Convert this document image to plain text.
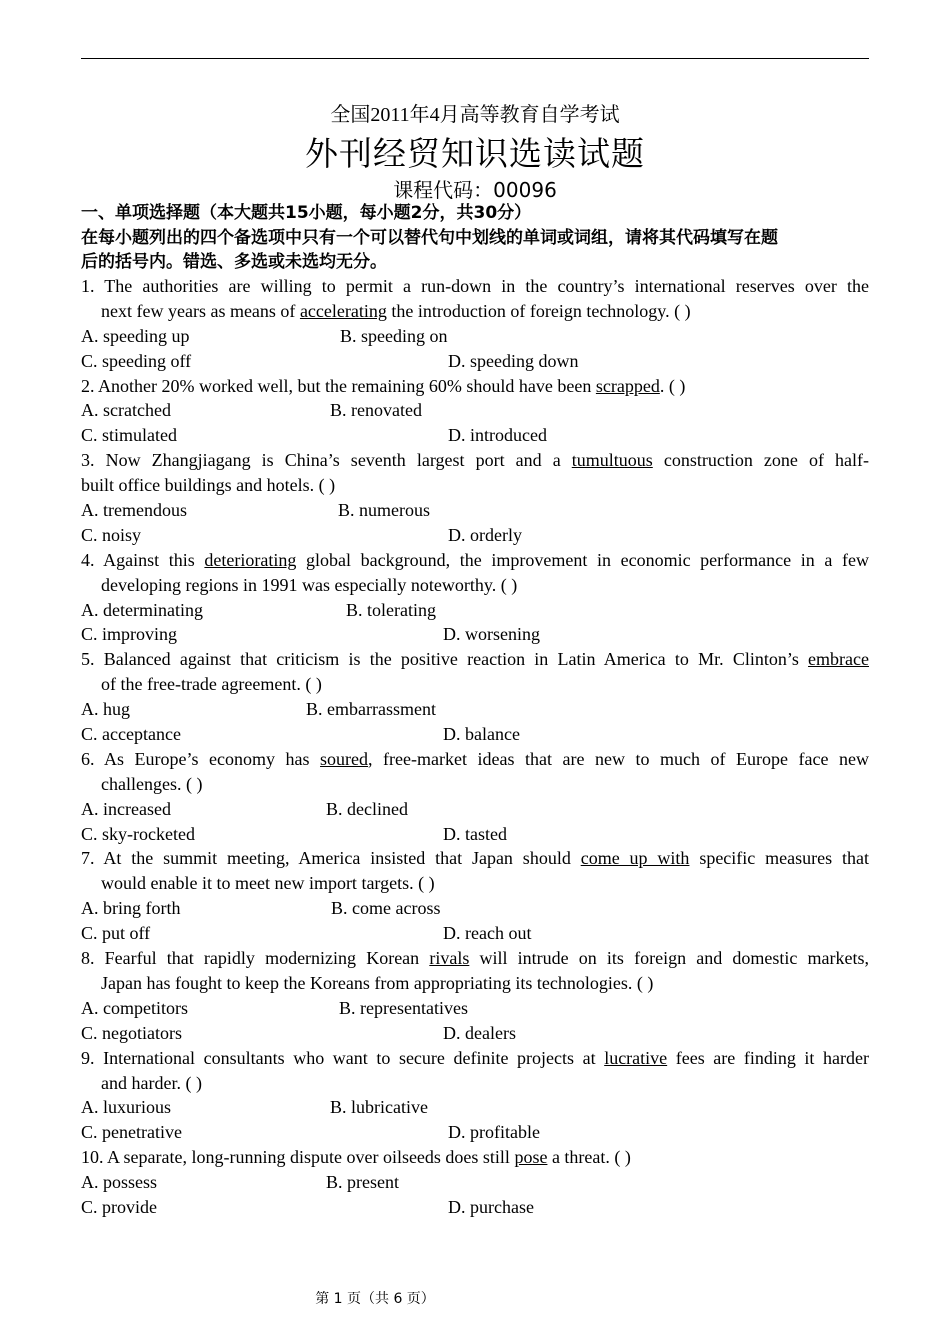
全国2011年4月高等教育自学考试
外刊经贸知识选读试题
课程代码：00096
一、单项选择题（本大题共15小题，每小题2分，共30分）
在每小题列出的四个备选项中只有一个可以替代句中划线的单词或词组，请将其代码填写在题
后的括号内。错选、多选或未选均无分。
1. The authorities are willing to permit a run-down in the country’s international reserves over the
next few years as means of accelerating the introduction of foreign technology. ( )
A. speeding up	B. speeding on
C. speeding off	D. speeding down
2. Another 20% worked well, but the remaining 60% should have been scrapped. ( )
A. scratched	B. renovated
C. stimulated	D. introduced
3. Now Zhangjiagang is China’s seventh largest port and a tumultuous construction zone of half-
built office buildings and hotels. ( )
A. tremendous	B. numerous
C. noisy	D. orderly
4. Against this deteriorating global background, the improvement in economic performance in a few
developing regions in 1991 was especially noteworthy. ( )
A. determinating	B. tolerating
C. improving	D. worsening
5. Balanced against that criticism is the positive reaction in Latin America to Mr. Clinton’s embrace
of the free-trade agreement. ( )
A. hug	B. embarrassment
C. acceptance	D. balance
6. As Europe’s economy has soured, free-market ideas that are new to much of Europe face new
challenges. ( )
A. increased	B. declined
C. sky-rocketed	D. tasted
7. At the summit meeting, America insisted that Japan should come up with specific measures that
would enable it to meet new import targets. ( )
A. bring forth	B. come across
C. put off	D. reach out
8. Fearful that rapidly modernizing Korean rivals will intrude on its foreign and domestic markets,
Japan has fought to keep the Koreans from appropriating its technologies. ( )
A. competitors	B. representatives
C. negotiators	D. dealers
9. International consultants who want to secure definite projects at lucrative fees are finding it harder
and harder. ( )
A. luxurious	B. lubricative
C. penetrative	D. profitable
10. A separate, long-running dispute over oilseeds does still pose a threat. ( )
A. possess	B. present
C. provide	D. purchase
第 1 页（共 6 页）
